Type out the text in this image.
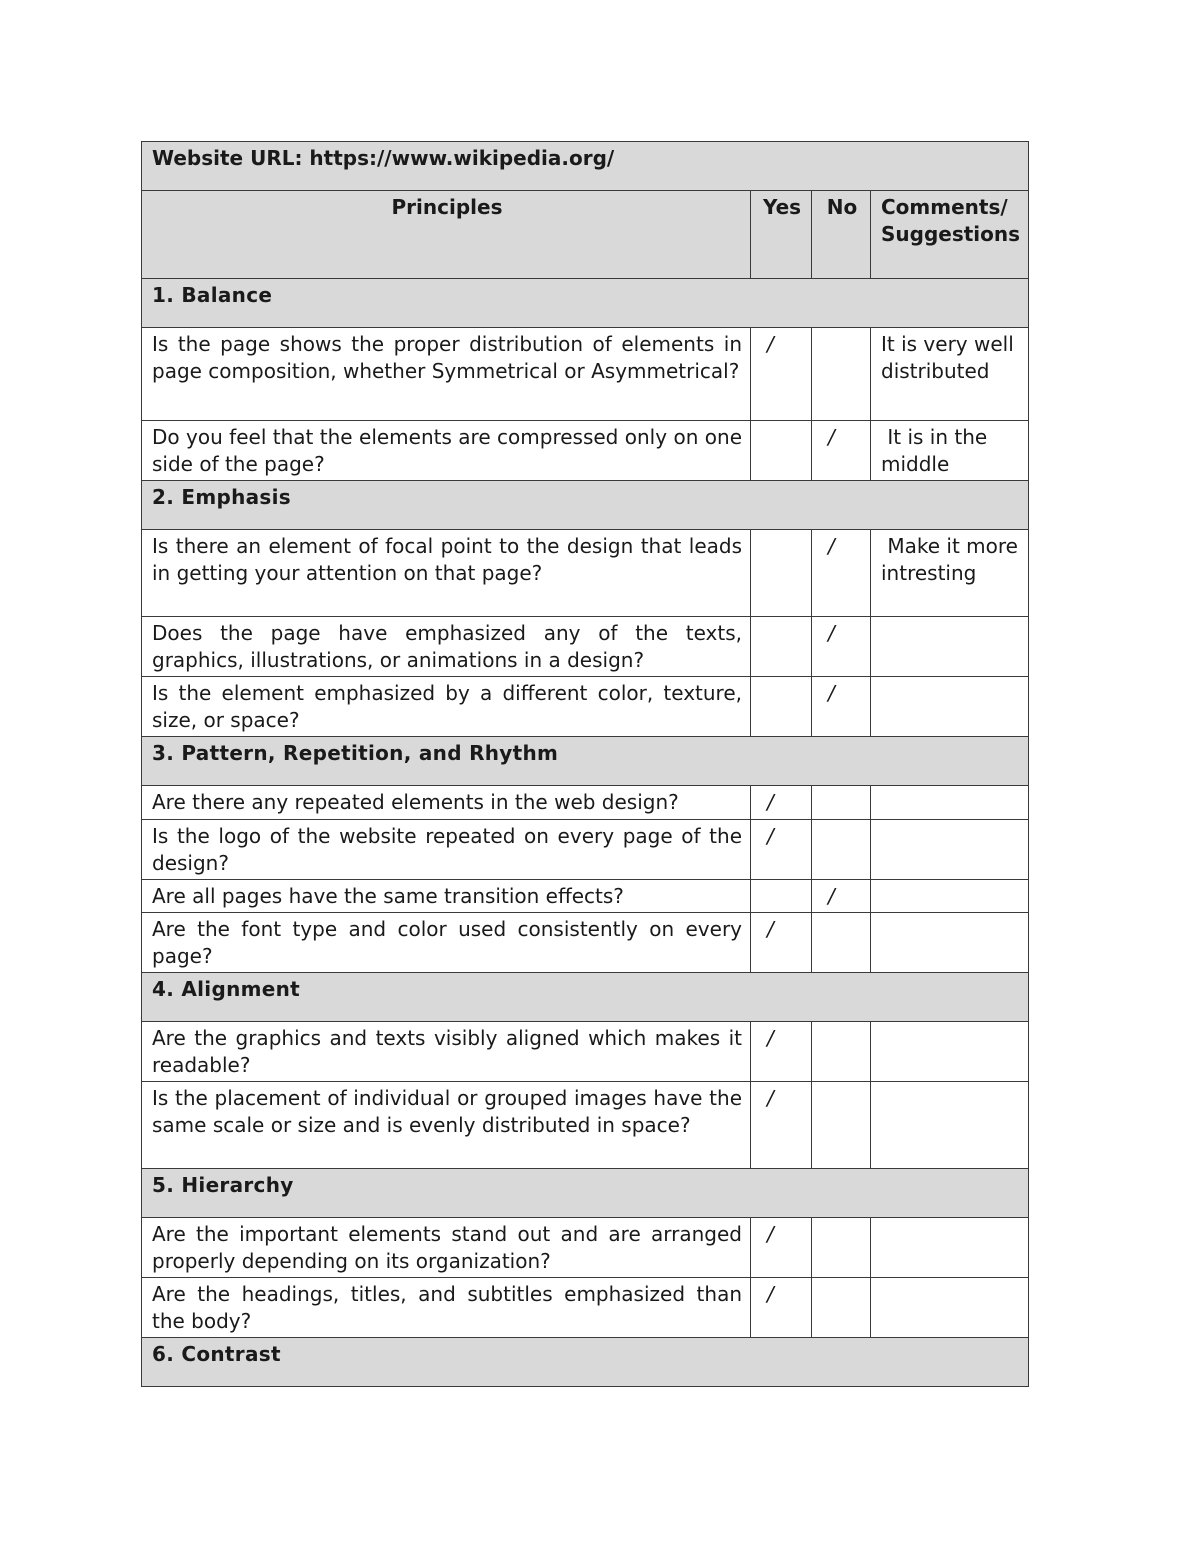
Website URL: https://www.wikipedia.org/			
Principles	Yes	No	Comments/ Suggestions
1. Balance			
Is the page shows the proper distribution of elements in page composition, whether Symmetrical or Asymmetrical?	/		It is very well distributed
Do you feel that the elements are compressed only on one side of the page?		/	It is in the middle
2. Emphasis			
Is there an element of focal point to the design that leads in getting your attention on that page?		/	Make it more intresting
Does the page have emphasized any of the texts, graphics, illustrations, or animations in a design?		/	
Is the element emphasized by a different color, texture, size, or space?		/	
3. Pattern, Repetition, and Rhythm			
Are there any repeated elements in the web design?	/		
Is the logo of the website repeated on every page of the design?	/		
Are all pages have the same transition effects?		/	
Are the font type and color used consistently on every page?	/		
4. Alignment			
Are the graphics and texts visibly aligned which makes it readable?	/		
Is the placement of individual or grouped images have the same scale or size and is evenly distributed in space?	/		
5. Hierarchy			
Are the important elements stand out and are arranged properly depending on its organization?	/		
Are the headings, titles, and subtitles emphasized than the body?	/		
6. Contrast			
